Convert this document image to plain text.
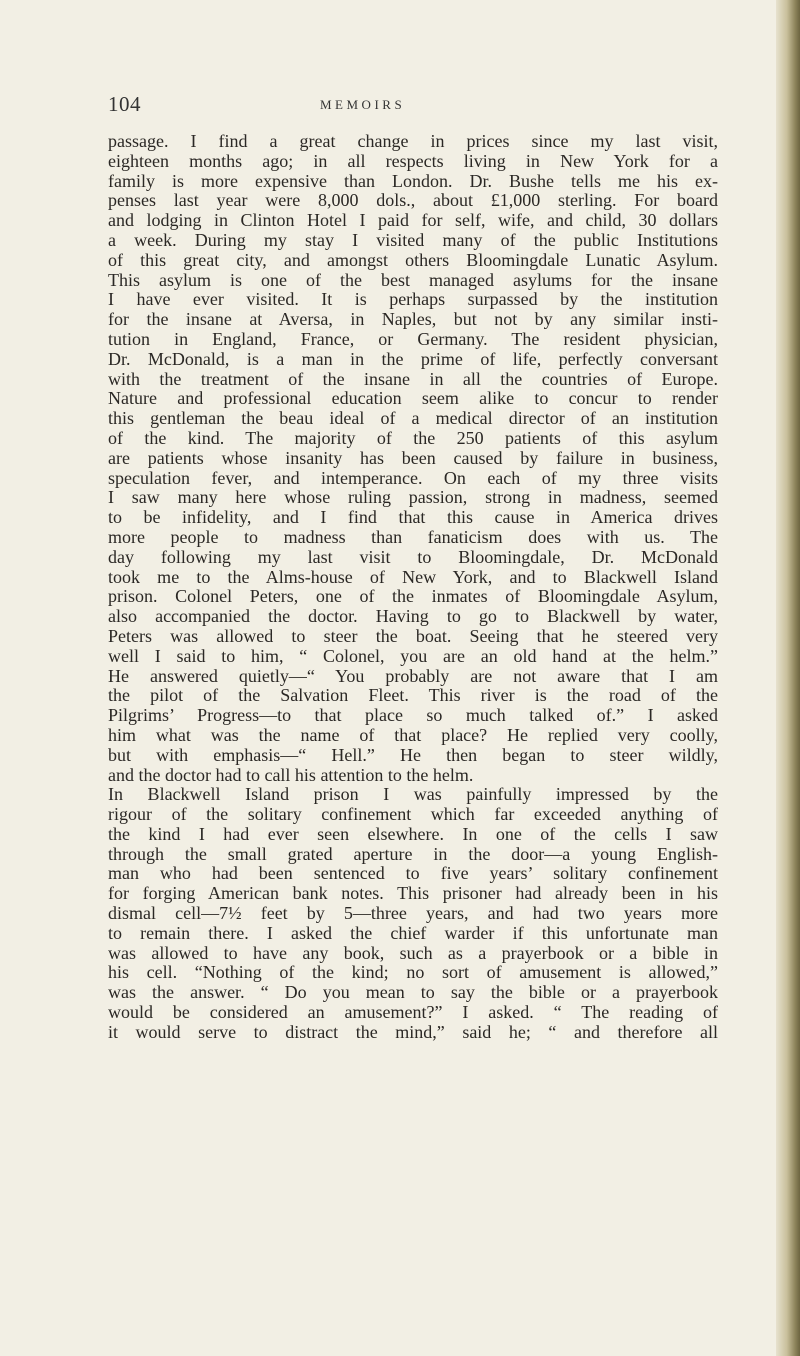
104	MEMOIRS
passage. I find a great change in prices since my last visit,
eighteen months ago; in all respects living in New York for a
family is more expensive than London. Dr. Bushe tells me his ex-
penses last year were 8,000 dols., about £1,000 sterling. For board
and lodging in Clinton Hotel I paid for self, wife, and child, 30 dollars
a week. During my stay I visited many of the public Institutions
of this great city, and amongst others Bloomingdale Lunatic Asylum.
This asylum is one of the best managed asylums for the insane
I have ever visited. It is perhaps surpassed by the institution
for the insane at Aversa, in Naples, but not by any similar insti-
tution in England, France, or Germany. The resident physician,
Dr. McDonald, is a man in the prime of life, perfectly conversant
with the treatment of the insane in all the countries of Europe.
Nature and professional education seem alike to concur to render
this gentleman the beau ideal of a medical director of an institution
of the kind. The majority of the 250 patients of this asylum
are patients whose insanity has been caused by failure in business,
speculation fever, and intemperance. On each of my three visits
I saw many here whose ruling passion, strong in madness, seemed
to be infidelity, and I find that this cause in America drives
more people to madness than fanaticism does with us. The
day following my last visit to Bloomingdale, Dr. McDonald
took me to the Alms-house of New York, and to Blackwell Island
prison. Colonel Peters, one of the inmates of Bloomingdale Asylum,
also accompanied the doctor. Having to go to Blackwell by water,
Peters was allowed to steer the boat. Seeing that he steered very
well I said to him, “ Colonel, you are an old hand at the helm.”
He answered quietly—“ You probably are not aware that I am
the pilot of the Salvation Fleet. This river is the road of the
Pilgrims’ Progress—to that place so much talked of.” I asked
him what was the name of that place? He replied very coolly,
but with emphasis—“ Hell.” He then began to steer wildly,
and the doctor had to call his attention to the helm.
In Blackwell Island prison I was painfully impressed by the
rigour of the solitary confinement which far exceeded anything of
the kind I had ever seen elsewhere. In one of the cells I saw
through the small grated aperture in the door—a young English-
man who had been sentenced to five years’ solitary confinement
for forging American bank notes. This prisoner had already been in his
dismal cell—7½ feet by 5—three years, and had two years more
to remain there. I asked the chief warder if this unfortunate man
was allowed to have any book, such as a prayerbook or a bible in
his cell. “Nothing of the kind; no sort of amusement is allowed,”
was the answer. “ Do you mean to say the bible or a prayerbook
would be considered an amusement?” I asked. “ The reading of
it would serve to distract the mind,” said he; “ and therefore all
